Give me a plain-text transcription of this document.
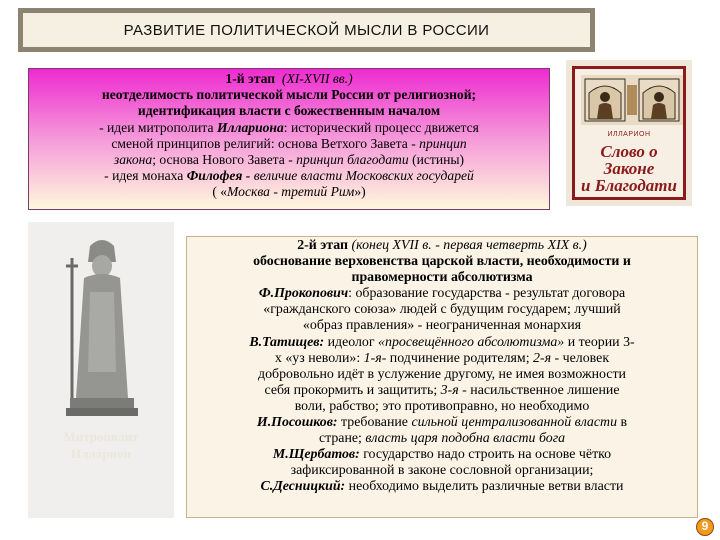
РАЗВИТИЕ ПОЛИТИЧЕСКОЙ МЫСЛИ В РОССИИ
1-й этап (XI-XVII вв.)
неотделимость политической мысли России от религиозной;
идентификация власти с божественным началом
- идеи митрополита Иллариона: исторический процесс движется
сменой принципов религий: основа Ветхого Завета - принцип
закона; основа Нового Завета - принцип благодати (истины)
- идея монаха Филофея - величие власти Московских государей
( «Москва - третий Рим»)
ИЛЛАРИОН
Слово о Законе
и Благодати
Митрополит
Илларион
2-й этап (конец XVII в. - первая четверть XIX в.)
обоснование верховенства царской власти, необходимости и
правомерности абсолютизма
Ф.Прокопович: образование государства - результат договора
«гражданского союза» людей с будущим государем; лучший
«образ правления» - неограниченная монархия
В.Татищев: идеолог «просвещённого абсолютизма» и теории 3-
х «уз неволи»: 1-я- подчинение родителям; 2-я - человек
добровольно идёт в услужение другому, не имея возможности
себя прокормить и защитить; 3-я - насильственное лишение
воли, рабство; это противоправно, но необходимо
И.Посошков: требование сильной централизованной власти в
стране; власть царя подобна власти бога
М.Щербатов: государство надо строить на основе чётко
зафиксированной в законе сословной организации;
С.Десницкий: необходимо выделить различные ветви власти
9
